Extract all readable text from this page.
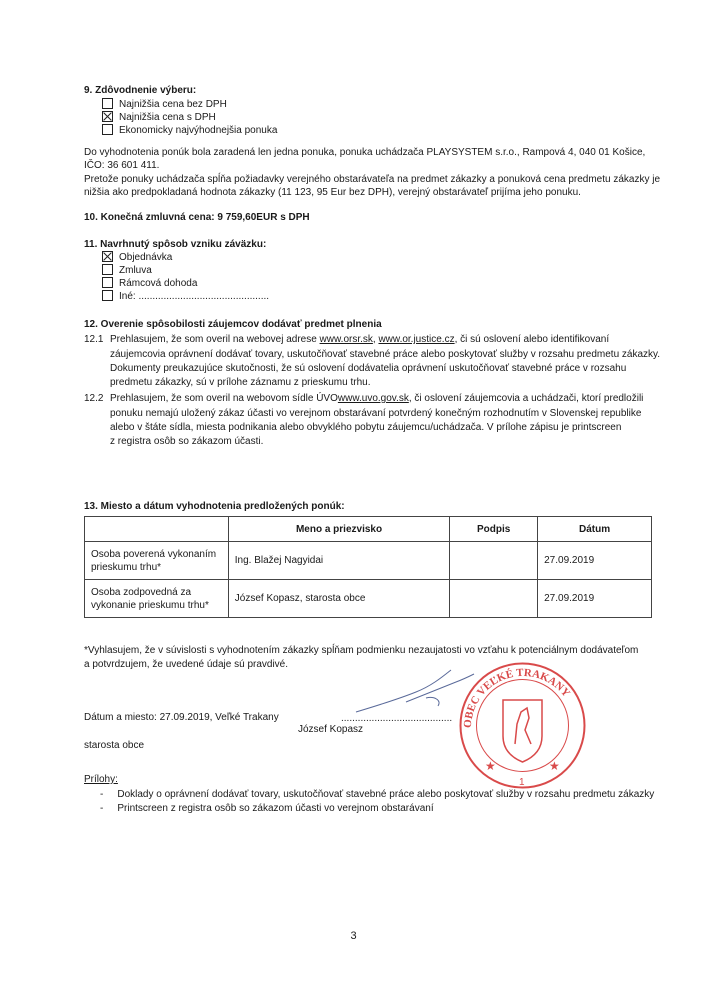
9. Zdôvodnenie výberu:
Najnižšia cena bez DPH
Najnižšia cena s DPH
Ekonomicky najvýhodnejšia ponuka
Do vyhodnotenia ponúk bola zaradená len jedna ponuka, ponuka uchádzača PLAYSYSTEM s.r.o., Rampová 4, 040 01 Košice,
IČO: 36 601 411.
Pretože ponuky uchádzača spĺňa požiadavky verejného obstarávateľa na predmet zákazky a ponuková cena predmetu zákazky je
nižšia ako predpokladaná hodnota zákazky (11 123, 95 Eur bez DPH), verejný obstarávateľ prijíma jeho ponuku.
10. Konečná zmluvná cena: 9 759,60EUR s DPH
11. Navrhnutý spôsob vzniku záväzku:
Objednávka
Zmluva
Rámcová dohoda
Iné: ...............................................
12. Overenie spôsobilosti záujemcov dodávať predmet plnenia
12.1 Prehlasujem, že som overil na webovej adrese www.orsr.sk, www.or.justice.cz, či sú oslovení alebo identifikovaní
záujemcovia oprávnení dodávať tovary, uskutočňovať stavebné práce alebo poskytovať služby v rozsahu predmetu zákazky.
Dokumenty preukazujúce skutočnosti, že sú oslovení dodávatelia oprávnení uskutočňovať stavebné práce v rozsahu
predmetu zákazky, sú v prílohe záznamu z prieskumu trhu.
12.2 Prehlasujem, že som overil na webovom sídle ÚVOwww.uvo.gov.sk, či oslovení záujemcovia a uchádzači, ktorí predložili
ponuku nemajú uložený zákaz účasti vo verejnom obstarávaní potvrdený konečným rozhodnutím v Slovenskej republike
alebo v štáte sídla, miesta podnikania alebo obvyklého pobytu záujemcu/uchádzača. V prílohe zápisu je printscreen
z registra osôb so zákazom účasti.
13. Miesto a dátum vyhodnotenia predložených ponúk:
	Meno a priezvisko	Podpis	Dátum
Osoba poverená vykonaním prieskumu trhu*	Ing. Blažej Nagyidai		27.09.2019
Osoba zodpovedná za vykonanie prieskumu trhu*	József Kopasz, starosta obce		27.09.2019
*Vyhlasujem, že v súvislosti s vyhodnotením zákazky spĺňam podmienku nezaujatosti vo vzťahu k potenciálnym dodávateľom
a potvrdzujem, že uvedené údaje sú pravdivé.
★	★
OBEC VEĽKÉ TRAKANY
1
Dátum a miesto: 27.09.2019, Veľké Trakany	........................................
József Kopasz
starosta obce
Prílohy:
- Doklady o oprávnení dodávať tovary, uskutočňovať stavebné práce alebo poskytovať služby v rozsahu predmetu zákazky
- Printscreen z registra osôb so zákazom účasti vo verejnom obstarávaní
3
